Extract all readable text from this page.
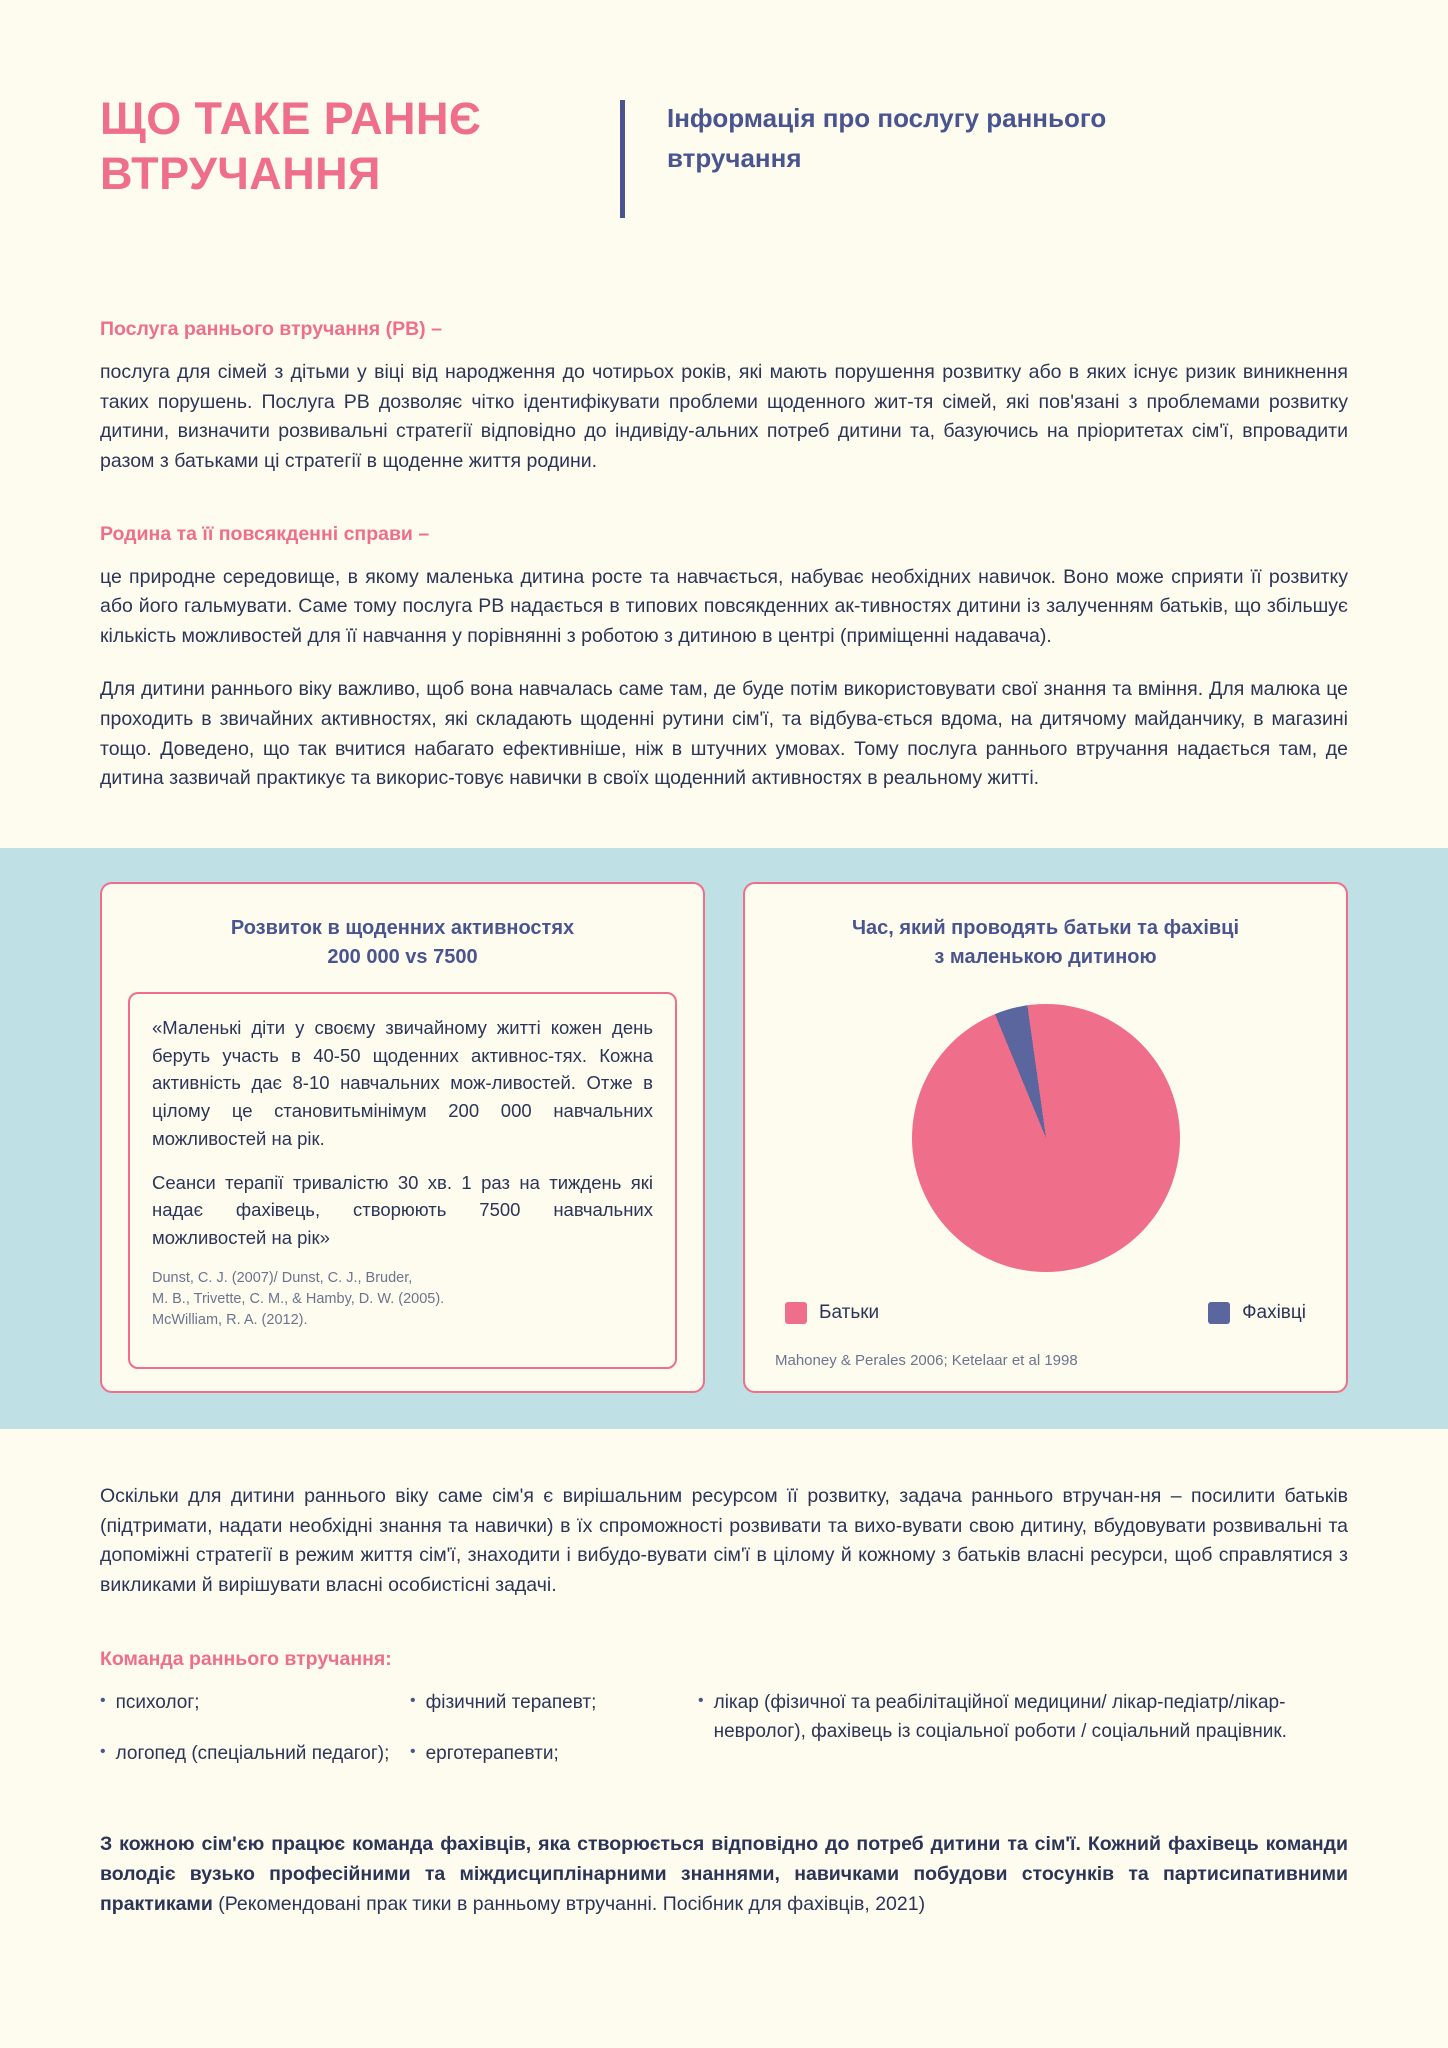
ЩО ТАКЕ РАННЄ ВТРУЧАННЯ
Інформація про послугу раннього втручання

Послуга раннього втручання (РВ) –

послуга для сімей з дітьми у віці від народження до чотирьох років, які мають порушення розвитку або в яких існує ризик виникнення таких порушень. Послуга РВ дозволяє чітко ідентифікувати проблеми щоденного жит-тя сімей, які пов'язані з проблемами розвитку дитини, визначити розвивальні стратегії відповідно до індивіду-альних потреб дитини та, базуючись на пріоритетах сім'ї, впровадити разом з батьками ці стратегії в щоденне життя родини.

Родина та її повсякденні справи –

це природне середовище, в якому маленька дитина росте та навчається, набуває необхідних навичок. Воно може сприяти її розвитку або його гальмувати. Саме тому послуга РВ надається в типових повсякденних ак-тивностях дитини із залученням батьків, що збільшує кількість можливостей для її навчання у порівнянні з роботою з дитиною в центрі (приміщенні надавача).

Для дитини раннього віку важливо, щоб вона навчалась саме там, де буде потім використовувати свої знання та вміння. Для малюка це проходить в звичайних активностях, які складають щоденні рутини сім'ї, та відбува-ється вдома, на дитячому майданчику, в магазині тощо. Доведено, що так вчитися набагато ефективніше, ніж в штучних умовах. Тому послуга раннього втручання надається там, де дитина зазвичай практикує та викорис-товує навички в своїх щоденний активностях в реальному житті.

Розвиток в щоденних активностях
200 000 vs 7500

«Маленькі діти у своєму звичайному житті кожен день беруть участь в 40-50 щоденних активнос-тях. Кожна активність дає 8-10 навчальних мож-ливостей. Отже в цілому це становитьмінімум 200 000 навчальних можливостей на рік.

Сеанси терапії тривалістю 30 хв. 1 раз на тиждень які надає фахівець, створюють 7500 навчальних можливостей на рік»

Dunst, C. J. (2007)/ Dunst, C. J., Bruder,
M. B., Trivette, C. M., & Hamby, D. W. (2005).
McWilliam, R. A. (2012).
Час, який проводять батьки та фахівці
з маленькою дитиною
Батьки	Фахівці
Mahoney & Perales 2006; Ketelaar et al 1998

Оскільки для дитини раннього віку саме сім'я є вирішальним ресурсом її розвитку, задача раннього втручан-ня – посилити батьків (підтримати, надати необхідні знання та навички) в їх спроможності розвивати та вихо-вувати свою дитину, вбудовувати розвивальні та допоміжні стратегії в режим життя сім'ї, знаходити і вибудо-вувати сім'ї в цілому й кожному з батьків власні ресурси, щоб справлятися з викликами й вирішувати власні особистісні задачі.

Команда раннього втручання:

• психолог;
• логопед (спеціальний педагог);
• фізичний терапевт;
• ерготерапевти;
• лікар (фізичної та реабілітаційної медицини/ лікар-педіатр/лікар-невролог), фахівець із соціальної роботи / соціальний працівник.

З кожною сім'єю працює команда фахівців, яка створюється відповідно до потреб дитини та сім'ї. Кожний фахівець команди володіє вузько професійними та міждисциплінарними знаннями, навичками побудови стосунків та партисипативними практиками (Рекомендовані прак тики в ранньому втручанні. Посібник для фахівців, 2021)
